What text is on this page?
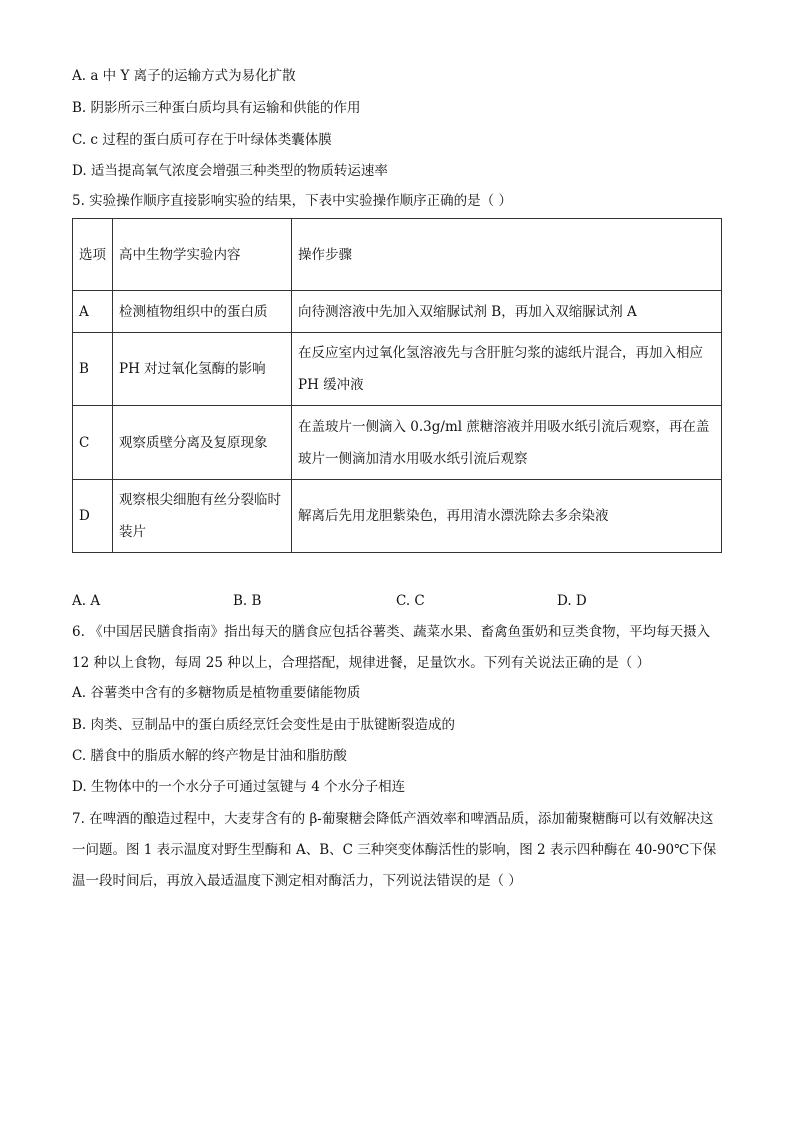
A. a 中 Y 离子的运输方式为易化扩散
B. 阴影所示三种蛋白质均具有运输和供能的作用
C. c 过程的蛋白质可存在于叶绿体类囊体膜
D. 适当提高氧气浓度会增强三种类型的物质转运速率
5. 实验操作顺序直接影响实验的结果，下表中实验操作顺序正确的是（ ）
选项	高中生物学实验内容	操作步骤
A	检测植物组织中的蛋白质	向待测溶液中先加入双缩脲试剂 B，再加入双缩脲试剂 A
B	PH 对过氧化氢酶的影响	在反应室内过氧化氢溶液先与含肝脏匀浆的滤纸片混合，再加入相应 PH 缓冲液
C	观察质壁分离及复原现象	在盖玻片一侧滴入 0.3g/ml 蔗糖溶液并用吸水纸引流后观察，再在盖玻片一侧滴加清水用吸水纸引流后观察
D	观察根尖细胞有丝分裂临时装片	解离后先用龙胆紫染色，再用清水漂洗除去多余染液
A. A	B. B	C. C	D. D
6. 《中国居民膳食指南》指出每天的膳食应包括谷薯类、蔬菜水果、畜禽鱼蛋奶和豆类食物，平均每天摄入 12 种以上食物，每周 25 种以上，合理搭配，规律进餐，足量饮水。下列有关说法正确的是（ ）
A. 谷薯类中含有的多糖物质是植物重要储能物质
B. 肉类、豆制品中的蛋白质经烹饪会变性是由于肽键断裂造成的
C. 膳食中的脂质水解的终产物是甘油和脂肪酸
D. 生物体中的一个水分子可通过氢键与 4 个水分子相连
7. 在啤酒的酿造过程中，大麦芽含有的 β-葡聚糖会降低产酒效率和啤酒品质，添加葡聚糖酶可以有效解决这一问题。图 1 表示温度对野生型酶和 A、B、C 三种突变体酶活性的影响，图 2 表示四种酶在 40-90℃下保温一段时间后，再放入最适温度下测定相对酶活力，下列说法错误的是（ ）
